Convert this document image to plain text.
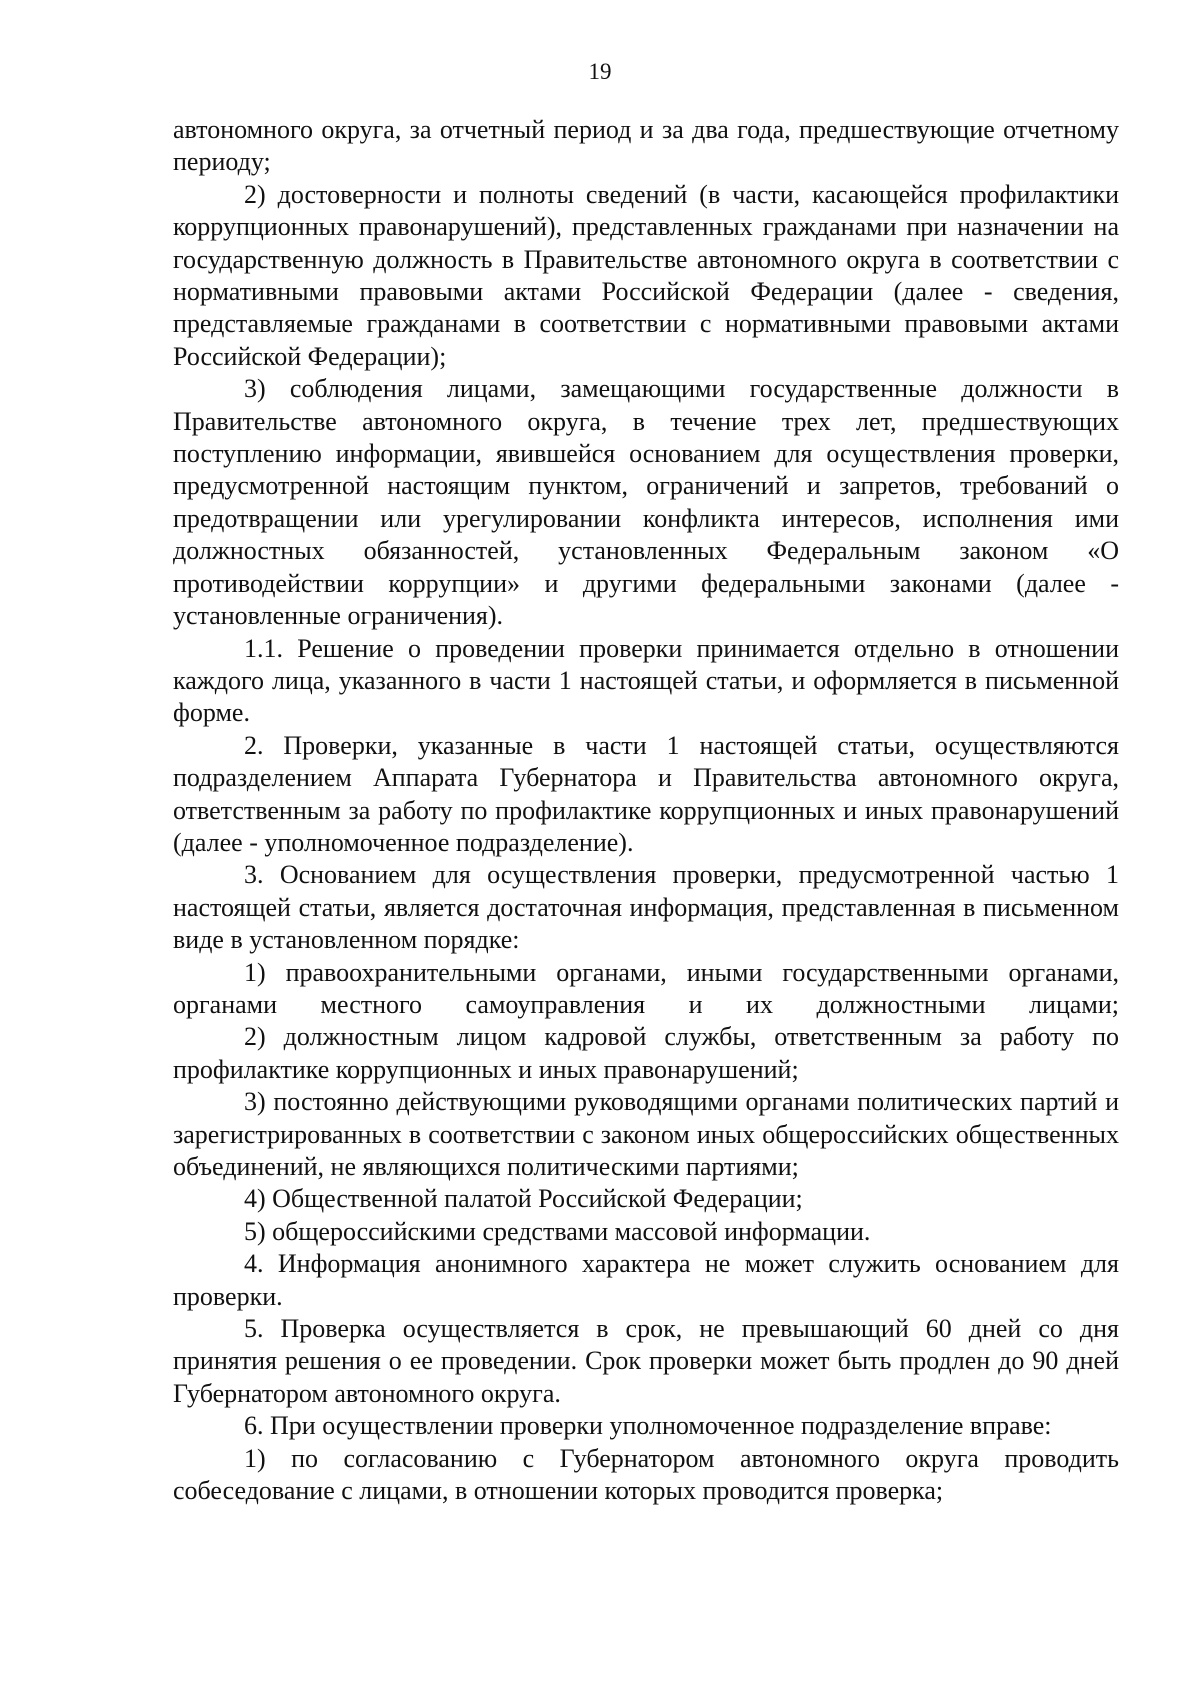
19

автономного округа, за отчетный период и за два года, предшествующие отчетному периоду;

2) достоверности и полноты сведений (в части, касающейся профилактики коррупционных правонарушений), представленных гражданами при назначении на государственную должность в Правительстве автономного округа в соответствии с нормативными правовыми актами Российской Федерации (далее - сведения, представляемые гражданами в соответствии с нормативными правовыми актами Российской Федерации);

3) соблюдения лицами, замещающими государственные должности в Правительстве автономного округа, в течение трех лет, предшествующих поступлению информации, явившейся основанием для осуществления проверки, предусмотренной настоящим пунктом, ограничений и запретов, требований о предотвращении или урегулировании конфликта интересов, исполнения ими должностных обязанностей, установленных Федеральным законом «О противодействии коррупции» и другими федеральными законами (далее - установленные ограничения).

1.1. Решение о проведении проверки принимается отдельно в отношении каждого лица, указанного в части 1 настоящей статьи, и оформляется в письменной форме.

2. Проверки, указанные в части 1 настоящей статьи, осуществляются подразделением Аппарата Губернатора и Правительства автономного округа, ответственным за работу по профилактике коррупционных и иных правонарушений (далее - уполномоченное подразделение).

3. Основанием для осуществления проверки, предусмотренной частью 1 настоящей статьи, является достаточная информация, представленная в письменном виде в установленном порядке:

1) правоохранительными органами, иными государственными органами, органами местного самоуправления и их должностными лицами;

2) должностным лицом кадровой службы, ответственным за работу по профилактике коррупционных и иных правонарушений;

3) постоянно действующими руководящими органами политических партий и зарегистрированных в соответствии с законом иных общероссийских общественных объединений, не являющихся политическими партиями;

4) Общественной палатой Российской Федерации;

5) общероссийскими средствами массовой информации.

4. Информация анонимного характера не может служить основанием для проверки.

5. Проверка осуществляется в срок, не превышающий 60 дней со дня принятия решения о ее проведении. Срок проверки может быть продлен до 90 дней Губернатором автономного округа.

6. При осуществлении проверки уполномоченное подразделение вправе:

1) по согласованию с Губернатором автономного округа проводить собеседование с лицами, в отношении которых проводится проверка;
